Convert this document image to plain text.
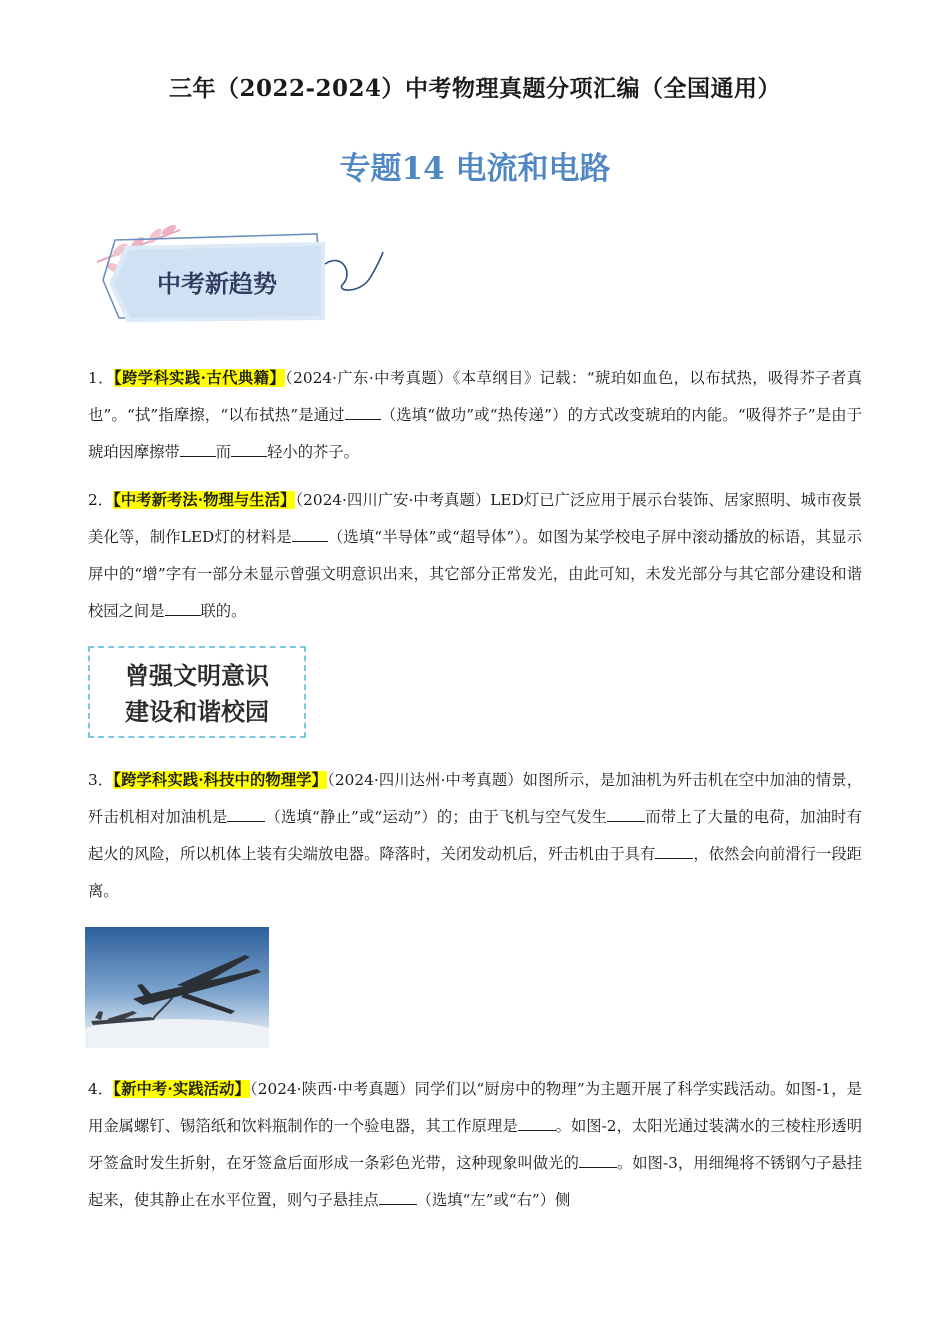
三年（2022-2024）中考物理真题分项汇编（全国通用）
专题14 电流和电路
中考新趋势

1．【跨学科实践·古代典籍】（2024·广东·中考真题）《本草纲目》记载：“琥珀如血色，以布拭热，吸得芥子者真也”。“拭”指摩擦，“以布拭热”是通过 （选填“做功”或“热传递”）的方式改变琥珀的内能。“吸得芥子”是由于琥珀因摩擦带 而 轻小的芥子。

2．【中考新考法·物理与生活】（2024·四川广安·中考真题）LED灯已广泛应用于展示台装饰、居家照明、城市夜景美化等，制作LED灯的材料是 （选填“半导体”或“超导体”）。如图为某学校电子屏中滚动播放的标语，其显示屏中的“增”字有一部分未显示曾强文明意识出来，其它部分正常发光，由此可知，未发光部分与其它部分建设和谐校园之间是 联的。

曾强文明意识
建设和谐校园

3．【跨学科实践·科技中的物理学】（2024·四川达州·中考真题）如图所示，是加油机为歼击机在空中加油的情景，歼击机相对加油机是 （选填“静止”或“运动”）的；由于飞机与空气发生 而带上了大量的电荷，加油时有起火的风险，所以机体上装有尖端放电器。降落时，关闭发动机后，歼击机由于具有 ，依然会向前滑行一段距离。

4．【新中考·实践活动】（2024·陕西·中考真题）同学们以“厨房中的物理”为主题开展了科学实践活动。如图-1，是用金属螺钉、锡箔纸和饮料瓶制作的一个验电器，其工作原理是 。如图-2，太阳光通过装满水的三棱柱形透明牙签盒时发生折射，在牙签盒后面形成一条彩色光带，这种现象叫做光的 。如图-3，用细绳将不锈钢勺子悬挂起来，使其静止在水平位置，则勺子悬挂点 （选填“左”或“右”）侧
